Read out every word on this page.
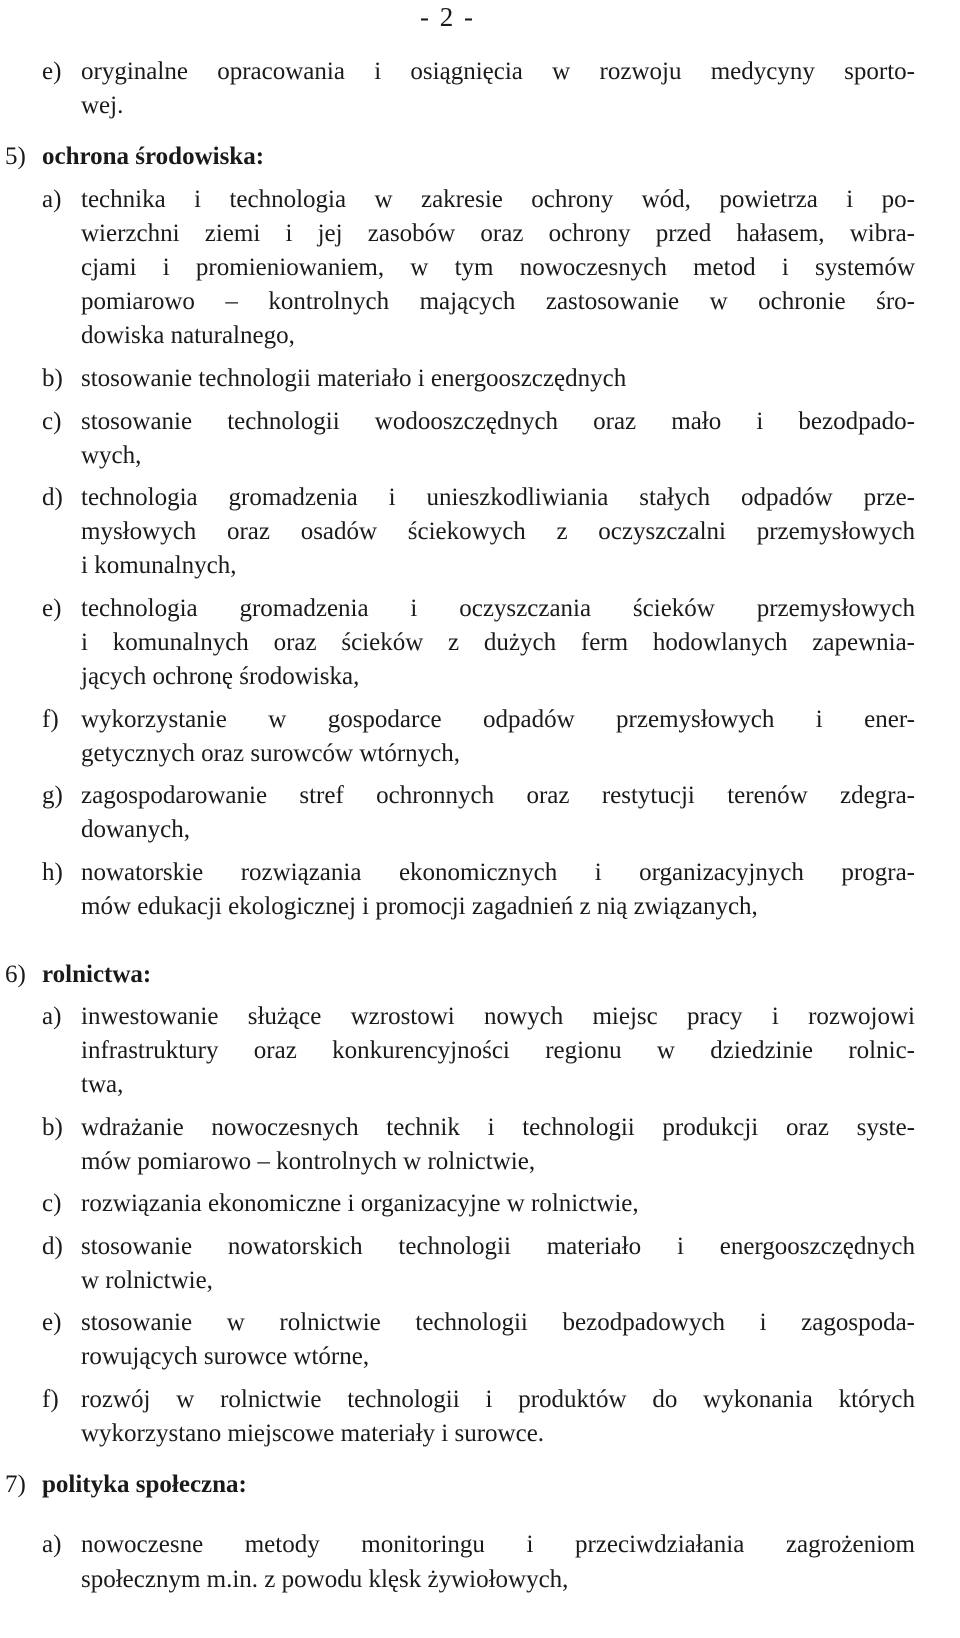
- 2 -
e) oryginalne opracowania i osiągnięcia w rozwoju medycyny sporto-
wej.
5) ochrona środowiska:
a) technika i technologia w zakresie ochrony wód, powietrza i po-
wierzchni ziemi i jej zasobów oraz ochrony przed hałasem, wibra-
cjami i promieniowaniem, w tym nowoczesnych metod i systemów
pomiarowo – kontrolnych mających zastosowanie w ochronie śro-
dowiska naturalnego,
b) stosowanie technologii materiało i energooszczędnych
c) stosowanie technologii wodooszczędnych oraz mało i bezodpado-
wych,
d) technologia gromadzenia i unieszkodliwiania stałych odpadów prze-
mysłowych oraz osadów ściekowych z oczyszczalni przemysłowych
i komunalnych,
e) technologia gromadzenia i oczyszczania ścieków przemysłowych
i komunalnych oraz ścieków z dużych ferm hodowlanych zapewnia-
jących ochronę środowiska,
f) wykorzystanie w gospodarce odpadów przemysłowych i ener-
getycznych oraz surowców wtórnych,
g) zagospodarowanie stref ochronnych oraz restytucji terenów zdegra-
dowanych,
h) nowatorskie rozwiązania ekonomicznych i organizacyjnych progra-
mów edukacji ekologicznej i promocji zagadnień z nią związanych,
6) rolnictwa:
a) inwestowanie służące wzrostowi nowych miejsc pracy i rozwojowi
infrastruktury oraz konkurencyjności regionu w dziedzinie rolnic-
twa,
b) wdrażanie nowoczesnych technik i technologii produkcji oraz syste-
mów pomiarowo – kontrolnych w rolnictwie,
c) rozwiązania ekonomiczne i organizacyjne w rolnictwie,
d) stosowanie nowatorskich technologii materiało i energooszczędnych
w rolnictwie,
e) stosowanie w rolnictwie technologii bezodpadowych i zagospoda-
rowujących surowce wtórne,
f) rozwój w rolnictwie technologii i produktów do wykonania których
wykorzystano miejscowe materiały i surowce.
7) polityka społeczna:
a) nowoczesne metody monitoringu i przeciwdziałania zagrożeniom
społecznym m.in. z powodu klęsk żywiołowych,
